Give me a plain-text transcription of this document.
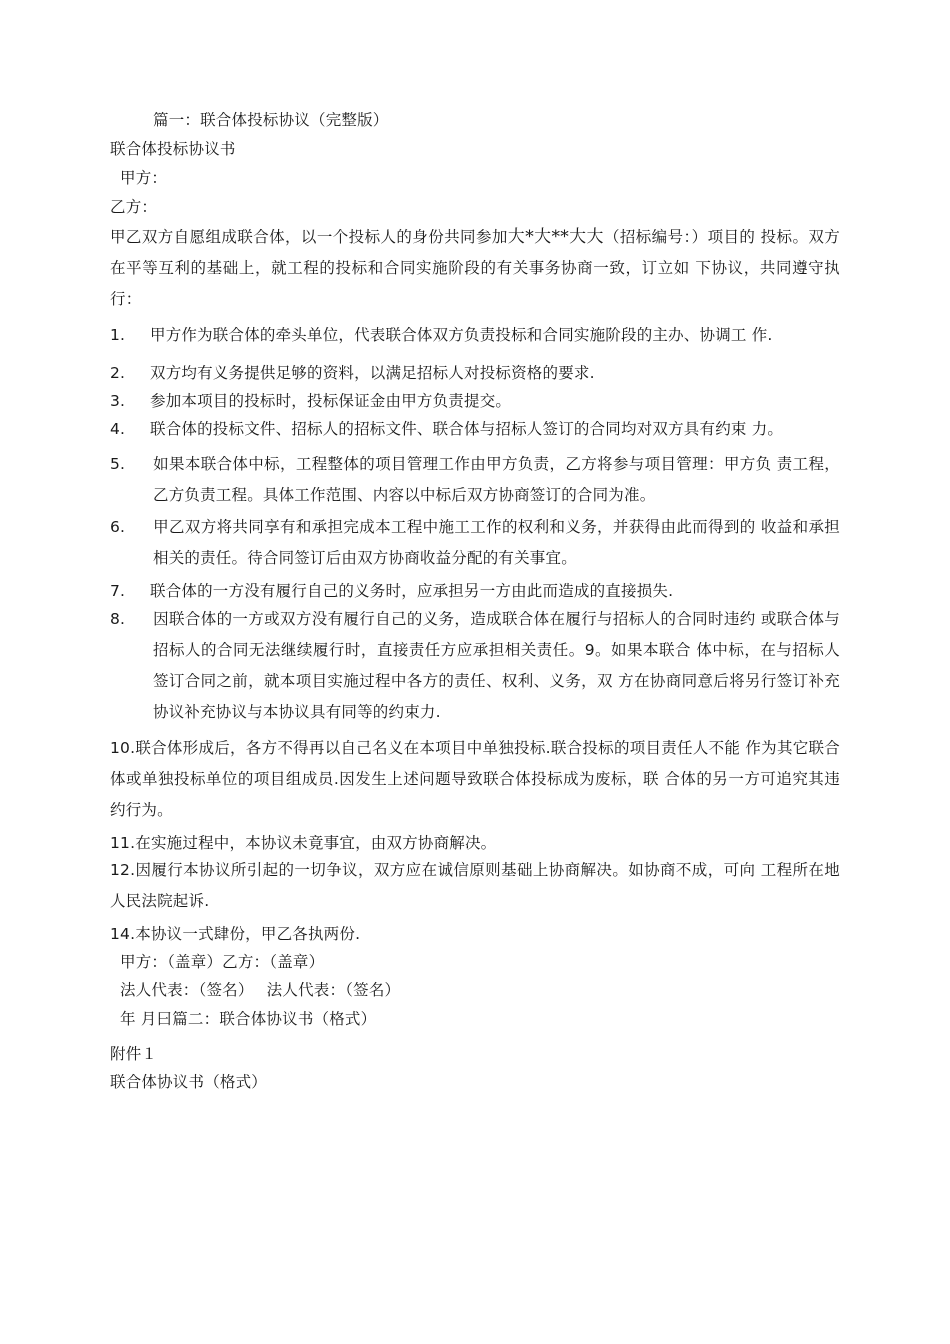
篇一：联合体投标协议（完整版）
联合体投标协议书
甲方：
乙方：
甲乙双方自愿组成联合体，以一个投标人的身份共同参加大*大**大大（招标编号：）项目的 投标。双方在平等互利的基础上，就工程的投标和合同实施阶段的有关事务协商一致，订立如 下协议，共同遵守执行：
1. 甲方作为联合体的牵头单位，代表联合体双方负责投标和合同实施阶段的主办、协调工 作.
2. 双方均有义务提供足够的资料，以满足招标人对投标资格的要求.
3. 参加本项目的投标时，投标保证金由甲方负责提交。
4. 联合体的投标文件、招标人的招标文件、联合体与招标人签订的合同均对双方具有约束 力。
5. 如果本联合体中标，工程整体的项目管理工作由甲方负责，乙方将参与项目管理：甲方负 责工程，乙方负责工程。具体工作范围、内容以中标后双方协商签订的合同为准。
6. 甲乙双方将共同享有和承担完成本工程中施工工作的权利和义务，并获得由此而得到的 收益和承担相关的责任。待合同签订后由双方协商收益分配的有关事宜。
7. 联合体的一方没有履行自己的义务时，应承担另一方由此而造成的直接损失.
8. 因联合体的一方或双方没有履行自己的义务，造成联合体在履行与招标人的合同时违约 或联合体与招标人的合同无法继续履行时，直接责任方应承担相关责任。9。如果本联合 体中标，在与招标人签订合同之前，就本项目实施过程中各方的责任、权利、义务，双 方在协商同意后将另行签订补充协议补充协议与本协议具有同等的约束力.
10.联合体形成后，各方不得再以自己名义在本项目中单独投标.联合投标的项目责任人不能 作为其它联合体或单独投标单位的项目组成员.因发生上述问题导致联合体投标成为废标，联 合体的另一方可追究其违约行为。
11.在实施过程中，本协议未竟事宜，由双方协商解决。
12.因履行本协议所引起的一切争议，双方应在诚信原则基础上协商解决。如协商不成，可向 工程所在地人民法院起诉.
14.本协议一式肆份，甲乙各执两份.
甲方：（盖章）乙方：（盖章）
法人代表：（签名） 法人代表：（签名）
年 月曰篇二：联合体协议书（格式）
附件１
联合体协议书（格式）
